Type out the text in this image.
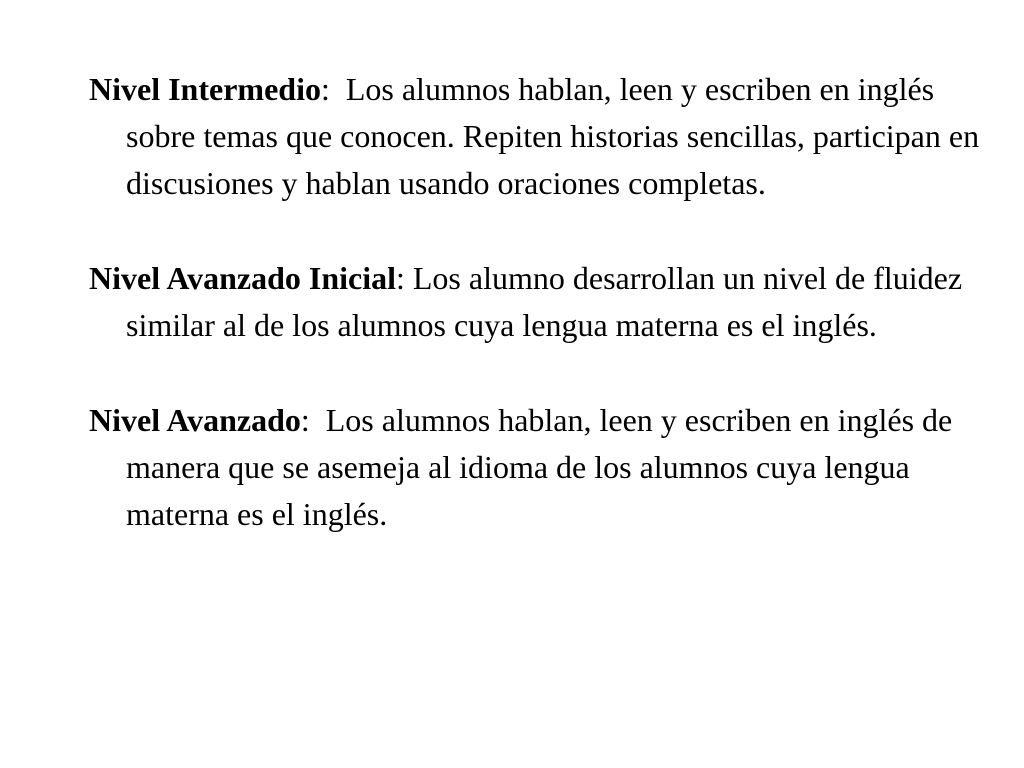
Nivel Intermedio:  Los alumnos hablan, leen y escriben en inglés sobre temas que conocen. Repiten historias sencillas, participan en discusiones y hablan usando oraciones completas.

Nivel Avanzado Inicial: Los alumno desarrollan un nivel de fluidez similar al de los alumnos cuya lengua materna es el inglés.

Nivel Avanzado:  Los alumnos hablan, leen y escriben en inglés de manera que se asemeja al idioma de los alumnos cuya lengua materna es el inglés.
